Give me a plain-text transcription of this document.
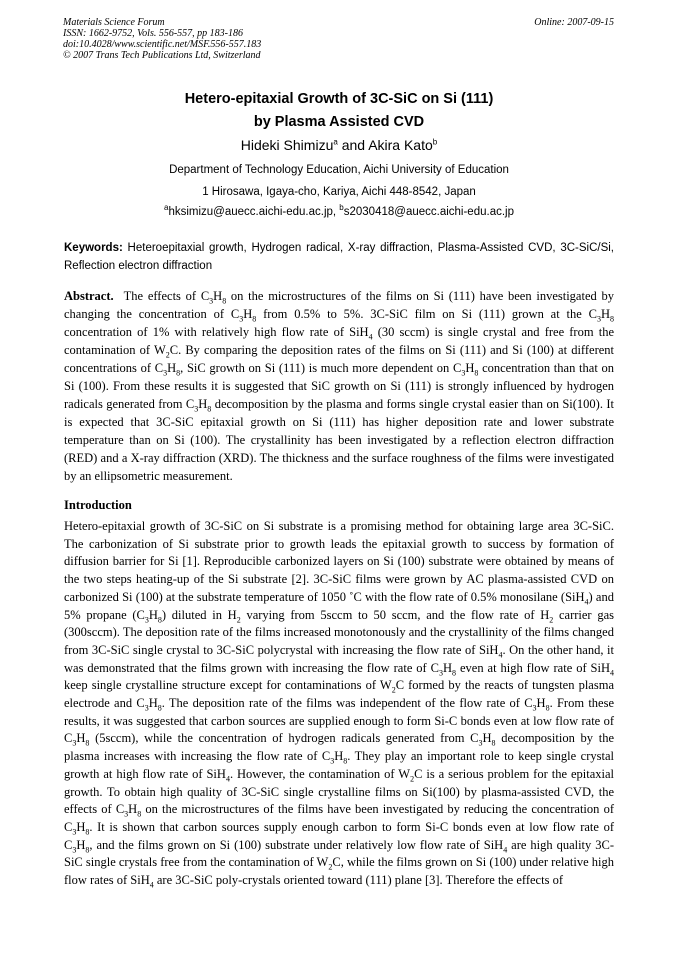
Materials Science Forum
ISSN: 1662-9752, Vols. 556-557, pp 183-186
doi:10.4028/www.scientific.net/MSF.556-557.183
© 2007 Trans Tech Publications Ltd, Switzerland
Online: 2007-09-15
Hetero-epitaxial Growth of 3C-SiC on Si (111)
by Plasma Assisted CVD
Hideki Shimizu$^a$ and Akira Kato$^b$
Department of Technology Education, Aichi University of Education
1 Hirosawa, Igaya-cho, Kariya, Aichi 448-8542, Japan
$^a$hksimizu@auecc.aichi-edu.ac.jp, $^b$s2030418@auecc.aichi-edu.ac.jp
Keywords: Heteroepitaxial growth, Hydrogen radical, X-ray diffraction, Plasma-Assisted CVD, 3C-SiC/Si, Reflection electron diffraction
Abstract. The effects of $C_3H_8$ on the microstructures of the films on Si (111) have been investigated by changing the concentration of $C_3H_8$ from 0.5% to 5%. 3C-SiC film on Si (111) grown at the $C_3H_8$ concentration of 1% with relatively high flow rate of SiH$_4$ (30 sccm) is single crystal and free from the contamination of $W_2C$. By comparing the deposition rates of the films on Si (111) and Si (100) at different concentrations of $C_3H_8$, SiC growth on Si (111) is much more dependent on $C_3H_8$ concentration than that on Si (100). From these results it is suggested that SiC growth on Si (111) is strongly influenced by hydrogen radicals generated from $C_3H_8$ decomposition by the plasma and forms single crystal easier than on Si(100). It is expected that 3C-SiC epitaxial growth on Si (111) has higher deposition rate and lower substrate temperature than on Si (100). The crystallinity has been investigated by a reflection electron diffraction (RED) and a X-ray diffraction (XRD). The thickness and the surface roughness of the films were investigated by an ellipsometric measurement.
Introduction
Hetero-epitaxial growth of 3C-SiC on Si substrate is a promising method for obtaining large area 3C-SiC. The carbonization of Si substrate prior to growth leads the epitaxial growth to success by formation of diffusion barrier for Si [1]. Reproducible carbonized layers on Si (100) substrate were obtained by means of the two steps heating-up of the Si substrate [2]. 3C-SiC films were grown by AC plasma-assisted CVD on carbonized Si (100) at the substrate temperature of 1050 ˚C with the flow rate of 0.5% monosilane (SiH$_4$) and 5% propane $(C_3H_8)$ diluted in $H_2$ varying from 5sccm to 50 sccm, and the flow rate of $H_2$ carrier gas (300sccm). The deposition rate of the films increased monotonously and the crystallinity of the films changed from 3C-SiC single crystal to 3C-SiC polycrystal with increasing the flow rate of SiH$_4$. On the other hand, it was demonstrated that the films grown with increasing the flow rate of $C_3H_8$ even at high flow rate of SiH$_4$ keep single crystalline structure except for contaminations of $W_2C$ formed by the reacts of tungsten plasma electrode and $C_3H_8$. The deposition rate of the films was independent of the flow rate of $C_3H_8$. From these results, it was suggested that carbon sources are supplied enough to form Si-C bonds even at low flow rate of $C_3H_8$ (5sccm), while the concentration of hydrogen radicals generated from $C_3H_8$ decomposition by the plasma increases with increasing the flow rate of $C_3H_8$. They play an important role to keep single crystal growth at high flow rate of SiH$_4$. However, the contamination of $W_2C$ is a serious problem for the epitaxial growth. To obtain high quality of 3C-SiC single crystalline films on Si(100) by plasma-assisted CVD, the effects of $C_3H_8$ on the microstructures of the films have been investigated by reducing the concentration of $C_3H_8$. It is shown that carbon sources supply enough carbon to form Si-C bonds even at low flow rate of $C_3H_8$, and the films grown on Si (100) substrate under relatively low flow rate of SiH$_4$ are high quality 3C-SiC single crystals free from the contamination of $W_2C$, while the films grown on Si (100) under relative high flow rates of SiH$_4$ are 3C-SiC poly-crystals oriented toward (111) plane [3]. Therefore the effects of
